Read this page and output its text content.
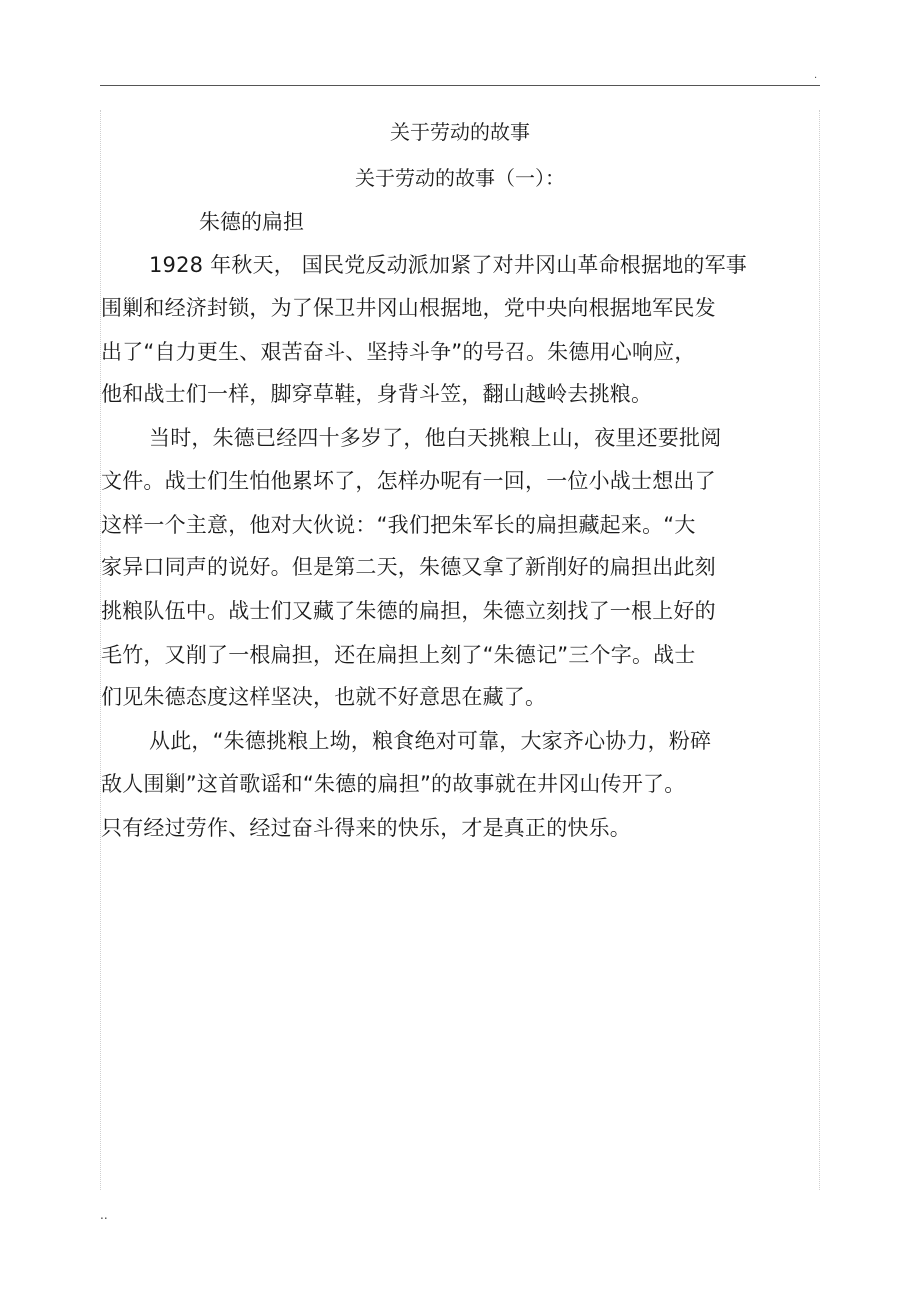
.
关于劳动的故事
关于劳动的故事（一）：
朱德的扁担
1928 年秋天， 国民党反动派加紧了对井冈山革命根据地的军事
围剿和经济封锁，为了保卫井冈山根据地，党中央向根据地军民发
出了“自力更生、艰苦奋斗、坚持斗争”的号召。朱德用心响应，
他和战士们一样，脚穿草鞋，身背斗笠，翻山越岭去挑粮。
当时，朱德已经四十多岁了，他白天挑粮上山，夜里还要批阅
文件。战士们生怕他累坏了，怎样办呢有一回，一位小战士想出了
这样一个主意，他对大伙说：“我们把朱军长的扁担藏起来。“大
家异口同声的说好。但是第二天，朱德又拿了新削好的扁担出此刻
挑粮队伍中。战士们又藏了朱德的扁担，朱德立刻找了一根上好的
毛竹，又削了一根扁担，还在扁担上刻了“朱德记”三个字。战士
们见朱德态度这样坚决，也就不好意思在藏了。
从此，“朱德挑粮上坳，粮食绝对可靠，大家齐心协力，粉碎
敌人围剿”这首歌谣和“朱德的扁担”的故事就在井冈山传开了。
只有经过劳作、经过奋斗得来的快乐，才是真正的快乐。
..
